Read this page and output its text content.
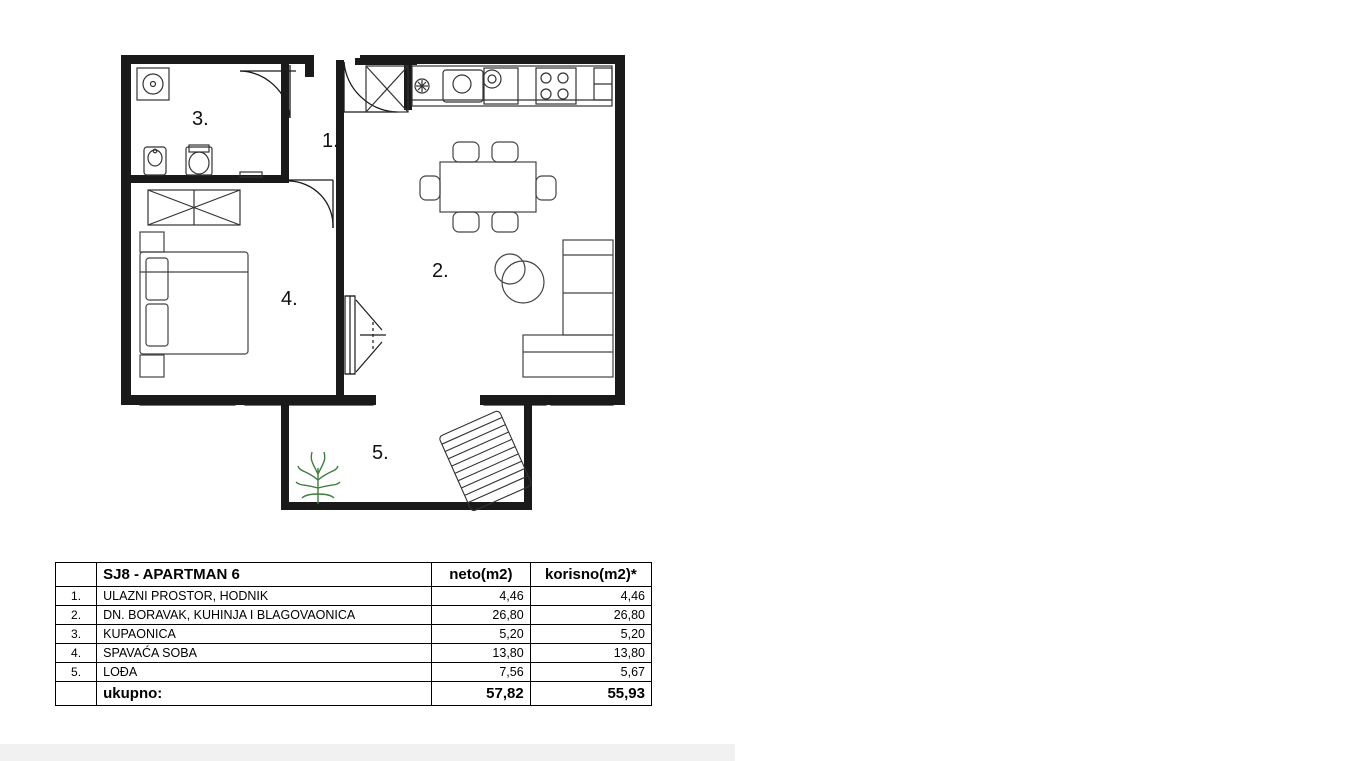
1.
2.
3.
4.
5.
	SJ8 - APARTMAN 6	neto(m2)	korisno(m2)*
1.	ULAZNI PROSTOR, HODNIK	4,46	4,46
2.	DN. BORAVAK, KUHINJA I BLAGOVAONICA	26,80	26,80
3.	KUPAONICA	5,20	5,20
4.	SPAVAĆA SOBA	13,80	13,80
5.	LOĐA	7,56	5,67
	ukupno:	57,82	55,93
